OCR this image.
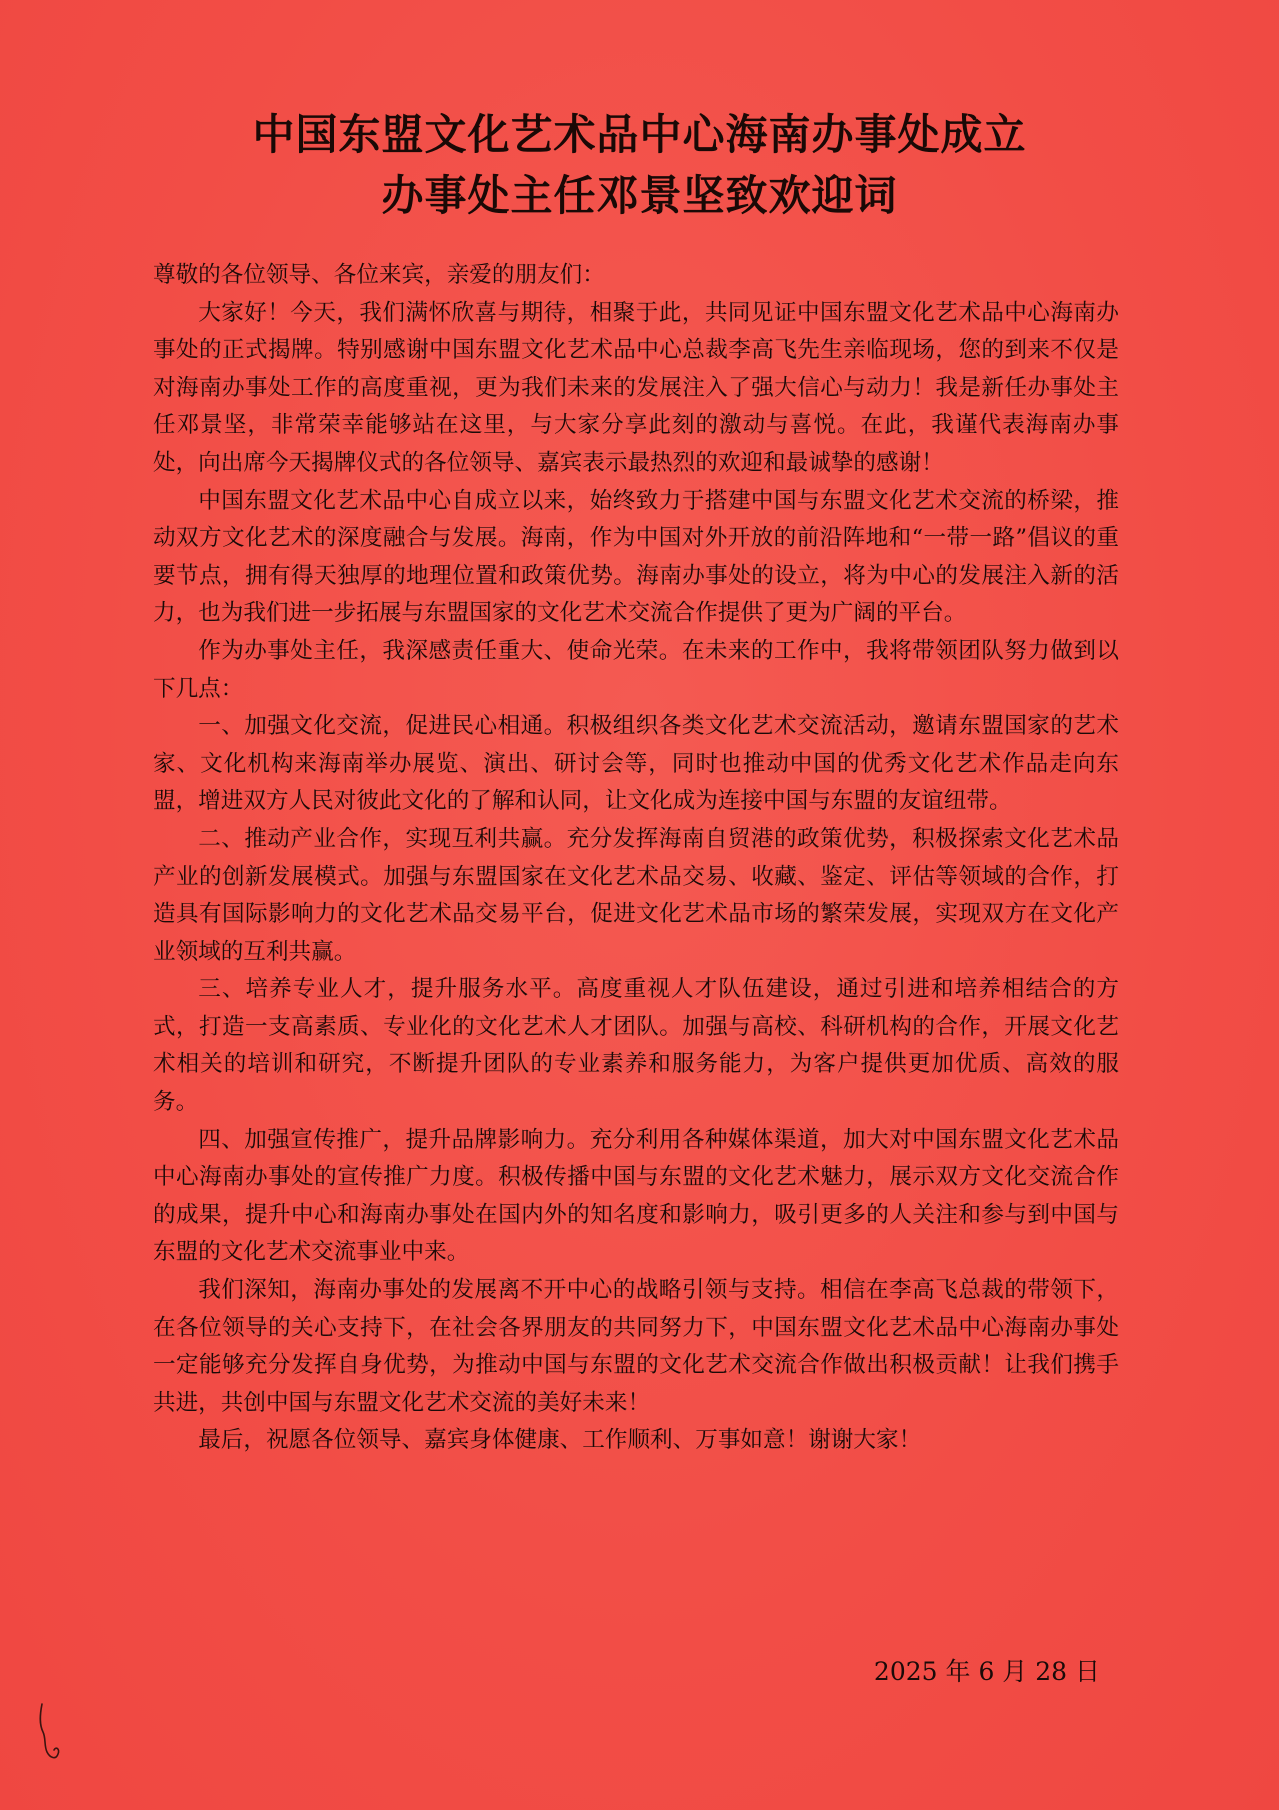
中国东盟文化艺术品中心海南办事处成立
办事处主任邓景坚致欢迎词

尊敬的各位领导、各位来宾，亲爱的朋友们：

大家好！今天，我们满怀欣喜与期待，相聚于此，共同见证中国东盟文化艺术品中心海南办事处的正式揭牌。特别感谢中国东盟文化艺术品中心总裁李高飞先生亲临现场，您的到来不仅是对海南办事处工作的高度重视，更为我们未来的发展注入了强大信心与动力！我是新任办事处主任邓景坚，非常荣幸能够站在这里，与大家分享此刻的激动与喜悦。在此，我谨代表海南办事处，向出席今天揭牌仪式的各位领导、嘉宾表示最热烈的欢迎和最诚挚的感谢！

中国东盟文化艺术品中心自成立以来，始终致力于搭建中国与东盟文化艺术交流的桥梁，推动双方文化艺术的深度融合与发展。海南，作为中国对外开放的前沿阵地和“一带一路”倡议的重要节点，拥有得天独厚的地理位置和政策优势。海南办事处的设立，将为中心的发展注入新的活力，也为我们进一步拓展与东盟国家的文化艺术交流合作提供了更为广阔的平台。

作为办事处主任，我深感责任重大、使命光荣。在未来的工作中，我将带领团队努力做到以下几点：

一、加强文化交流，促进民心相通。积极组织各类文化艺术交流活动，邀请东盟国家的艺术家、文化机构来海南举办展览、演出、研讨会等，同时也推动中国的优秀文化艺术作品走向东盟，增进双方人民对彼此文化的了解和认同，让文化成为连接中国与东盟的友谊纽带。

二、推动产业合作，实现互利共赢。充分发挥海南自贸港的政策优势，积极探索文化艺术品产业的创新发展模式。加强与东盟国家在文化艺术品交易、收藏、鉴定、评估等领域的合作，打造具有国际影响力的文化艺术品交易平台，促进文化艺术品市场的繁荣发展，实现双方在文化产业领域的互利共赢。

三、培养专业人才，提升服务水平。高度重视人才队伍建设，通过引进和培养相结合的方式，打造一支高素质、专业化的文化艺术人才团队。加强与高校、科研机构的合作，开展文化艺术相关的培训和研究，不断提升团队的专业素养和服务能力，为客户提供更加优质、高效的服务。

四、加强宣传推广，提升品牌影响力。充分利用各种媒体渠道，加大对中国东盟文化艺术品中心海南办事处的宣传推广力度。积极传播中国与东盟的文化艺术魅力，展示双方文化交流合作的成果，提升中心和海南办事处在国内外的知名度和影响力，吸引更多的人关注和参与到中国与东盟的文化艺术交流事业中来。

我们深知，海南办事处的发展离不开中心的战略引领与支持。相信在李高飞总裁的带领下，在各位领导的关心支持下，在社会各界朋友的共同努力下，中国东盟文化艺术品中心海南办事处一定能够充分发挥自身优势，为推动中国与东盟的文化艺术交流合作做出积极贡献！让我们携手共进，共创中国与东盟文化艺术交流的美好未来！

最后，祝愿各位领导、嘉宾身体健康、工作顺利、万事如意！谢谢大家！

2025 年 6 月 28 日
